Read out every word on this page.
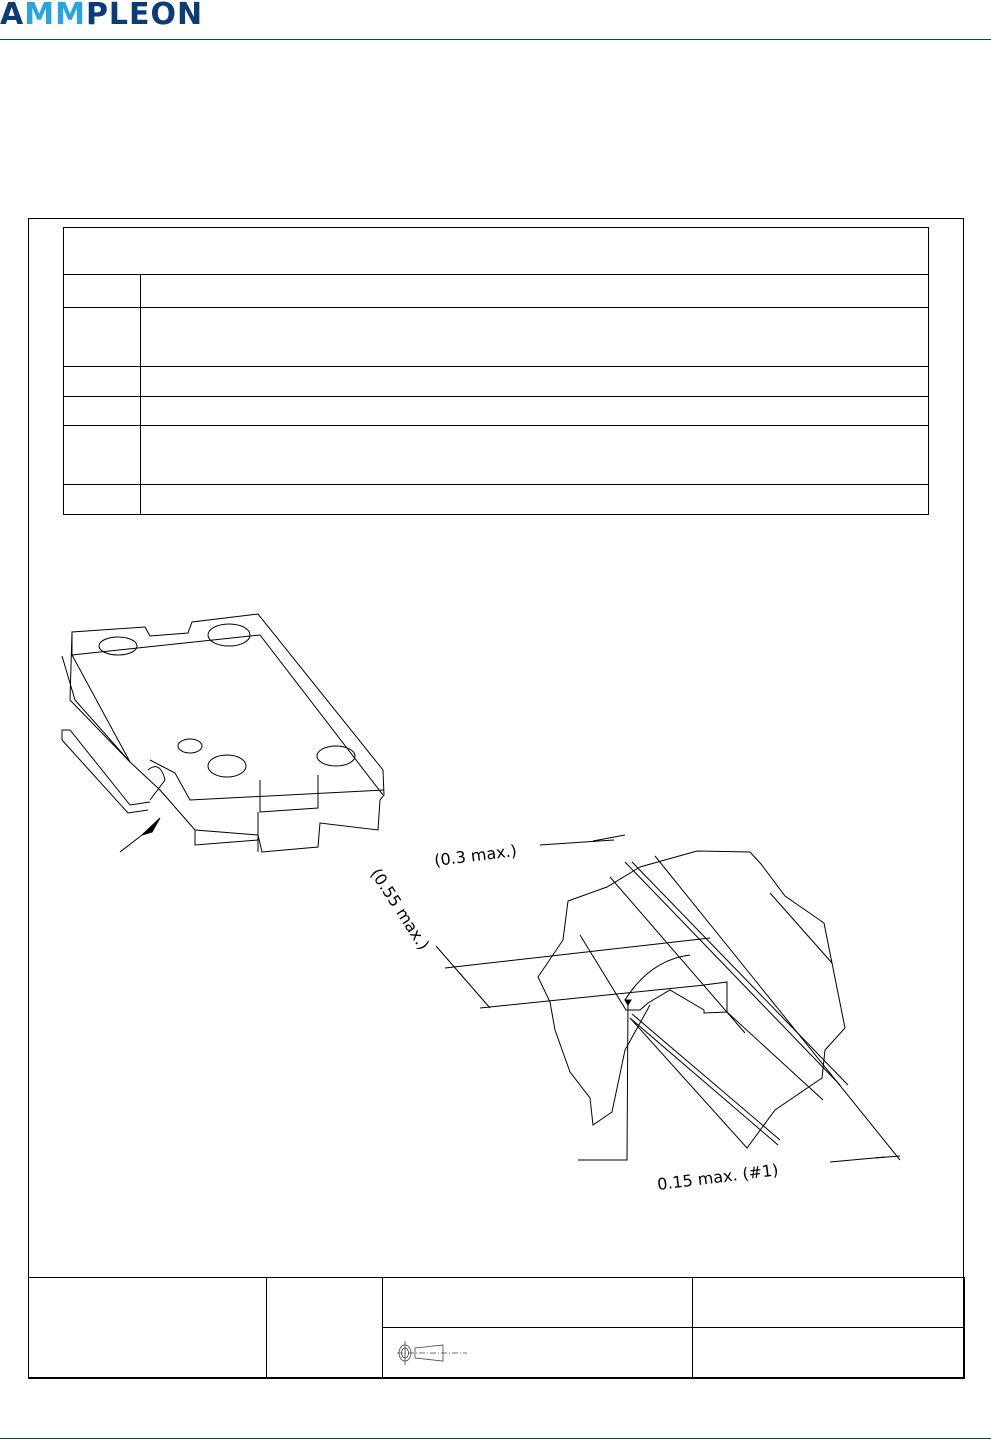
AMMPLEON

(0.3 max.)
(0.55 max.)
0.15 max. (#1)
